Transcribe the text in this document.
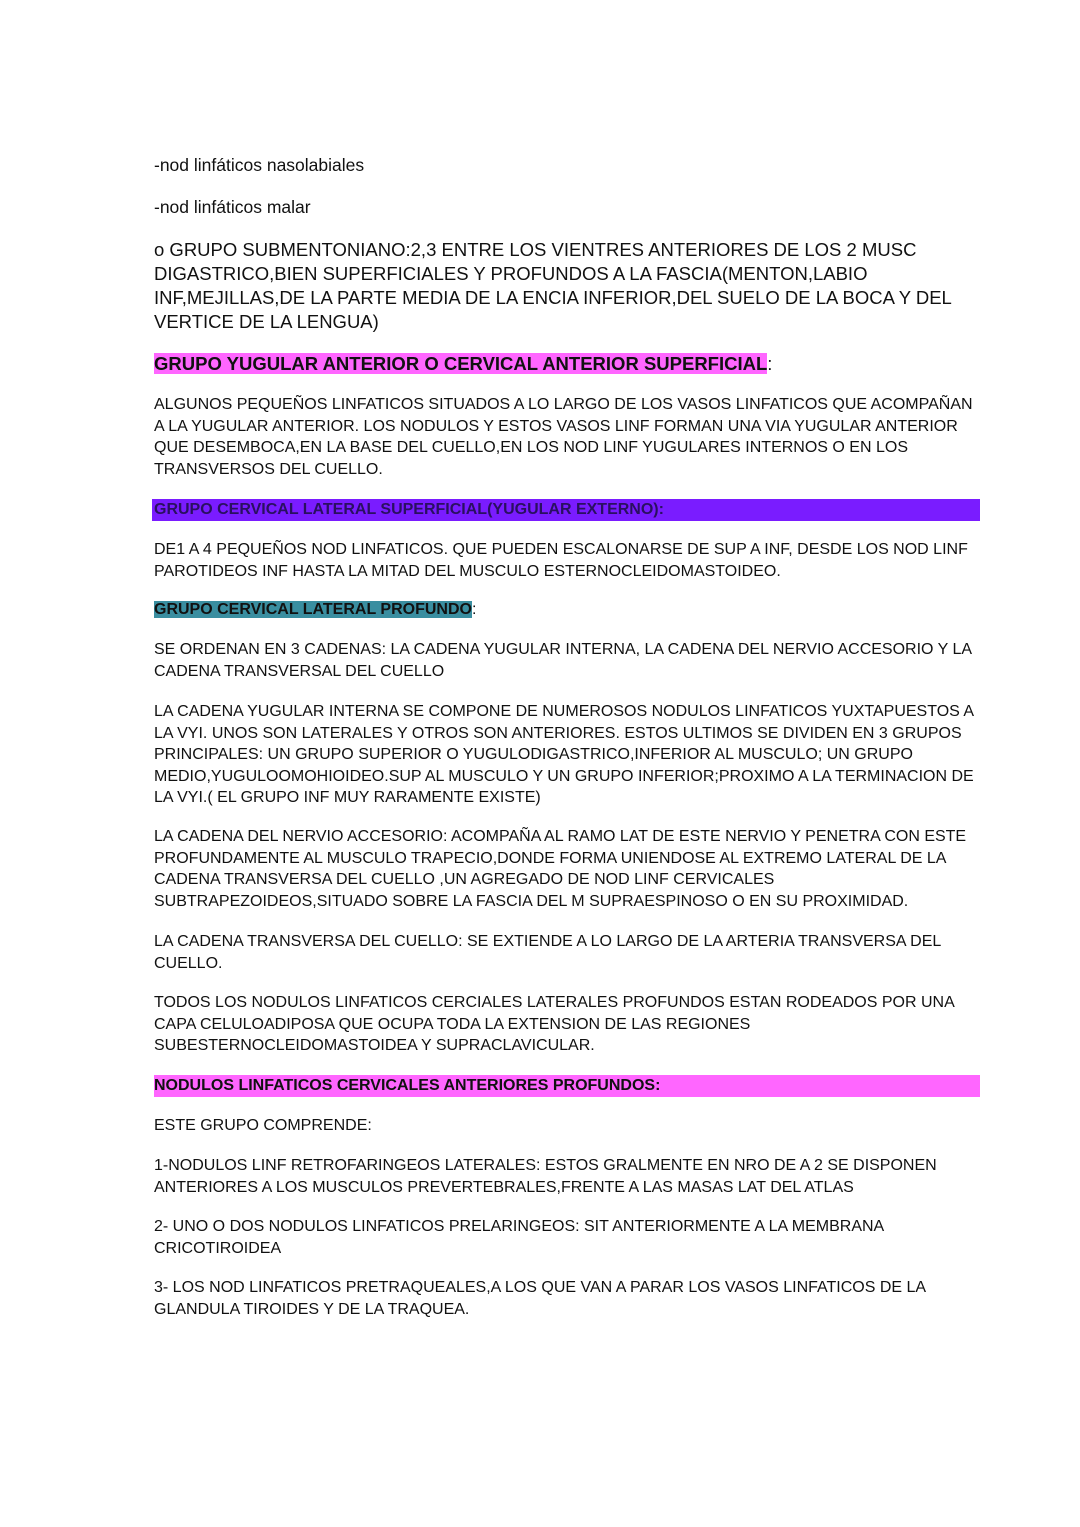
-nod linfáticos nasolabiales

-nod linfáticos malar

o GRUPO SUBMENTONIANO:2,3 ENTRE LOS VIENTRES ANTERIORES DE LOS 2 MUSC DIGASTRICO,BIEN SUPERFICIALES Y PROFUNDOS A LA FASCIA(MENTON,LABIO INF,MEJILLAS,DE LA PARTE MEDIA DE LA ENCIA INFERIOR,DEL SUELO DE LA BOCA Y DEL VERTICE DE LA LENGUA)

GRUPO YUGULAR ANTERIOR O CERVICAL ANTERIOR SUPERFICIAL:

ALGUNOS PEQUEÑOS LINFATICOS SITUADOS A LO LARGO DE LOS VASOS LINFATICOS QUE ACOMPAÑAN A LA YUGULAR ANTERIOR. LOS NODULOS Y ESTOS VASOS LINF FORMAN UNA VIA YUGULAR ANTERIOR QUE DESEMBOCA,EN LA BASE DEL CUELLO,EN LOS NOD LINF YUGULARES INTERNOS O EN LOS TRANSVERSOS DEL CUELLO.

GRUPO CERVICAL LATERAL SUPERFICIAL(YUGULAR EXTERNO):

DE1 A 4 PEQUEÑOS NOD LINFATICOS. QUE PUEDEN ESCALONARSE DE SUP A INF, DESDE LOS NOD LINF PAROTIDEOS INF HASTA LA MITAD DEL MUSCULO ESTERNOCLEIDOMASTOIDEO.

GRUPO CERVICAL LATERAL PROFUNDO:

SE ORDENAN EN 3 CADENAS: LA CADENA YUGULAR INTERNA, LA CADENA DEL NERVIO ACCESORIO Y LA CADENA TRANSVERSAL DEL CUELLO

LA CADENA YUGULAR INTERNA SE COMPONE DE NUMEROSOS NODULOS LINFATICOS YUXTAPUESTOS A LA VYI. UNOS SON LATERALES Y OTROS SON ANTERIORES. ESTOS ULTIMOS SE DIVIDEN EN 3 GRUPOS PRINCIPALES: UN GRUPO SUPERIOR O YUGULODIGASTRICO,INFERIOR AL MUSCULO; UN GRUPO MEDIO,YUGULOOMOHIOIDEO.SUP AL MUSCULO Y UN GRUPO INFERIOR;PROXIMO A LA TERMINACION DE LA VYI.( EL GRUPO INF MUY RARAMENTE EXISTE)

LA CADENA DEL NERVIO ACCESORIO: ACOMPAÑA AL RAMO LAT DE ESTE NERVIO Y PENETRA CON ESTE PROFUNDAMENTE AL MUSCULO TRAPECIO,DONDE FORMA UNIENDOSE AL EXTREMO LATERAL DE LA CADENA TRANSVERSA DEL CUELLO ,UN AGREGADO DE NOD LINF CERVICALES SUBTRAPEZOIDEOS,SITUADO SOBRE LA FASCIA DEL M SUPRAESPINOSO O EN SU PROXIMIDAD.

LA CADENA TRANSVERSA DEL CUELLO: SE EXTIENDE A LO LARGO DE LA ARTERIA TRANSVERSA DEL CUELLO.

TODOS LOS NODULOS LINFATICOS CERCIALES LATERALES PROFUNDOS ESTAN RODEADOS POR UNA CAPA CELULOADIPOSA QUE OCUPA TODA LA EXTENSION DE LAS REGIONES SUBESTERNOCLEIDOMASTOIDEA Y SUPRACLAVICULAR.

NODULOS LINFATICOS CERVICALES ANTERIORES PROFUNDOS:

ESTE GRUPO COMPRENDE:

1-NODULOS LINF RETROFARINGEOS LATERALES: ESTOS GRALMENTE EN NRO DE A 2 SE DISPONEN ANTERIORES A LOS MUSCULOS PREVERTEBRALES,FRENTE A LAS MASAS LAT DEL ATLAS

2- UNO O DOS NODULOS LINFATICOS PRELARINGEOS: SIT ANTERIORMENTE A LA MEMBRANA CRICOTIROIDEA

3- LOS NOD LINFATICOS PRETRAQUEALES,A LOS QUE VAN A PARAR LOS VASOS LINFATICOS DE LA GLANDULA TIROIDES Y DE LA TRAQUEA.
